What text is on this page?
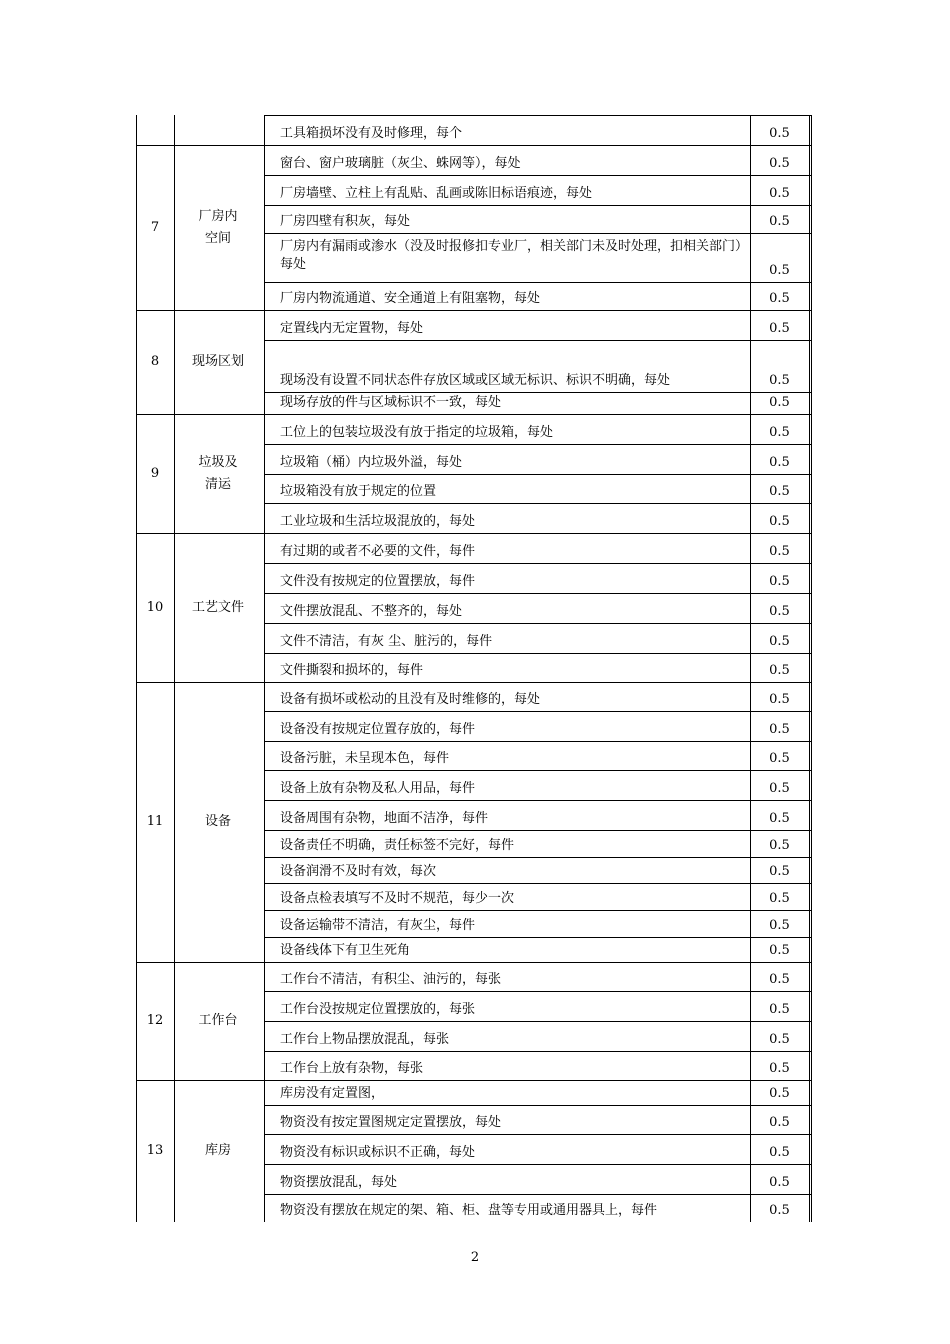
工具箱损坏没有及时修理，每个	0.5
7
厂房内空间
窗台、窗户玻璃脏（灰尘、蛛网等），每处	0.5
厂房墙壁、立柱上有乱贴、乱画或陈旧标语痕迹，每处	0.5
厂房四壁有积灰，每处	0.5
厂房内有漏雨或渗水（没及时报修扣专业厂，相关部门未及时处理，扣相关部门）每处	0.5
厂房内物流通道、安全通道上有阻塞物，每处	0.5
8	现场区划
定置线内无定置物，每处	0.5
现场没有设置不同状态件存放区域或区域无标识、标识不明确，每处	0.5
现场存放的件与区域标识不一致，每处	0.5
9
垃圾及清运
工位上的包装垃圾没有放于指定的垃圾箱，每处	0.5
垃圾箱（桶）内垃圾外溢，每处	0.5
垃圾箱没有放于规定的位置	0.5
工业垃圾和生活垃圾混放的，每处	0.5
10	工艺文件
有过期的或者不必要的文件，每件	0.5
文件没有按规定的位置摆放，每件	0.5
文件摆放混乱、不整齐的，每处	0.5
文件不清洁，有灰 尘、脏污的，每件	0.5
文件撕裂和损坏的，每件	0.5
11	设备
设备有损坏或松动的且没有及时维修的，每处	0.5
设备没有按规定位置存放的，每件	0.5
设备污脏，未呈现本色，每件	0.5
设备上放有杂物及私人用品，每件	0.5
设备周围有杂物，地面不洁净，每件	0.5
设备责任不明确，责任标签不完好，每件	0.5
设备润滑不及时有效，每次	0.5
设备点检表填写不及时不规范，每少一次	0.5
设备运输带不清洁，有灰尘，每件	0.5
设备线体下有卫生死角	0.5
12	工作台
工作台不清洁，有积尘、油污的，每张	0.5
工作台没按规定位置摆放的，每张	0.5
工作台上物品摆放混乱，每张	0.5
工作台上放有杂物，每张	0.5
13	库房
库房没有定置图，	0.5
物资没有按定置图规定定置摆放，每处	0.5
物资没有标识或标识不正确，每处	0.5
物资摆放混乱，每处	0.5
物资没有摆放在规定的架、箱、柜、盘等专用或通用器具上，每件	0.5
2
